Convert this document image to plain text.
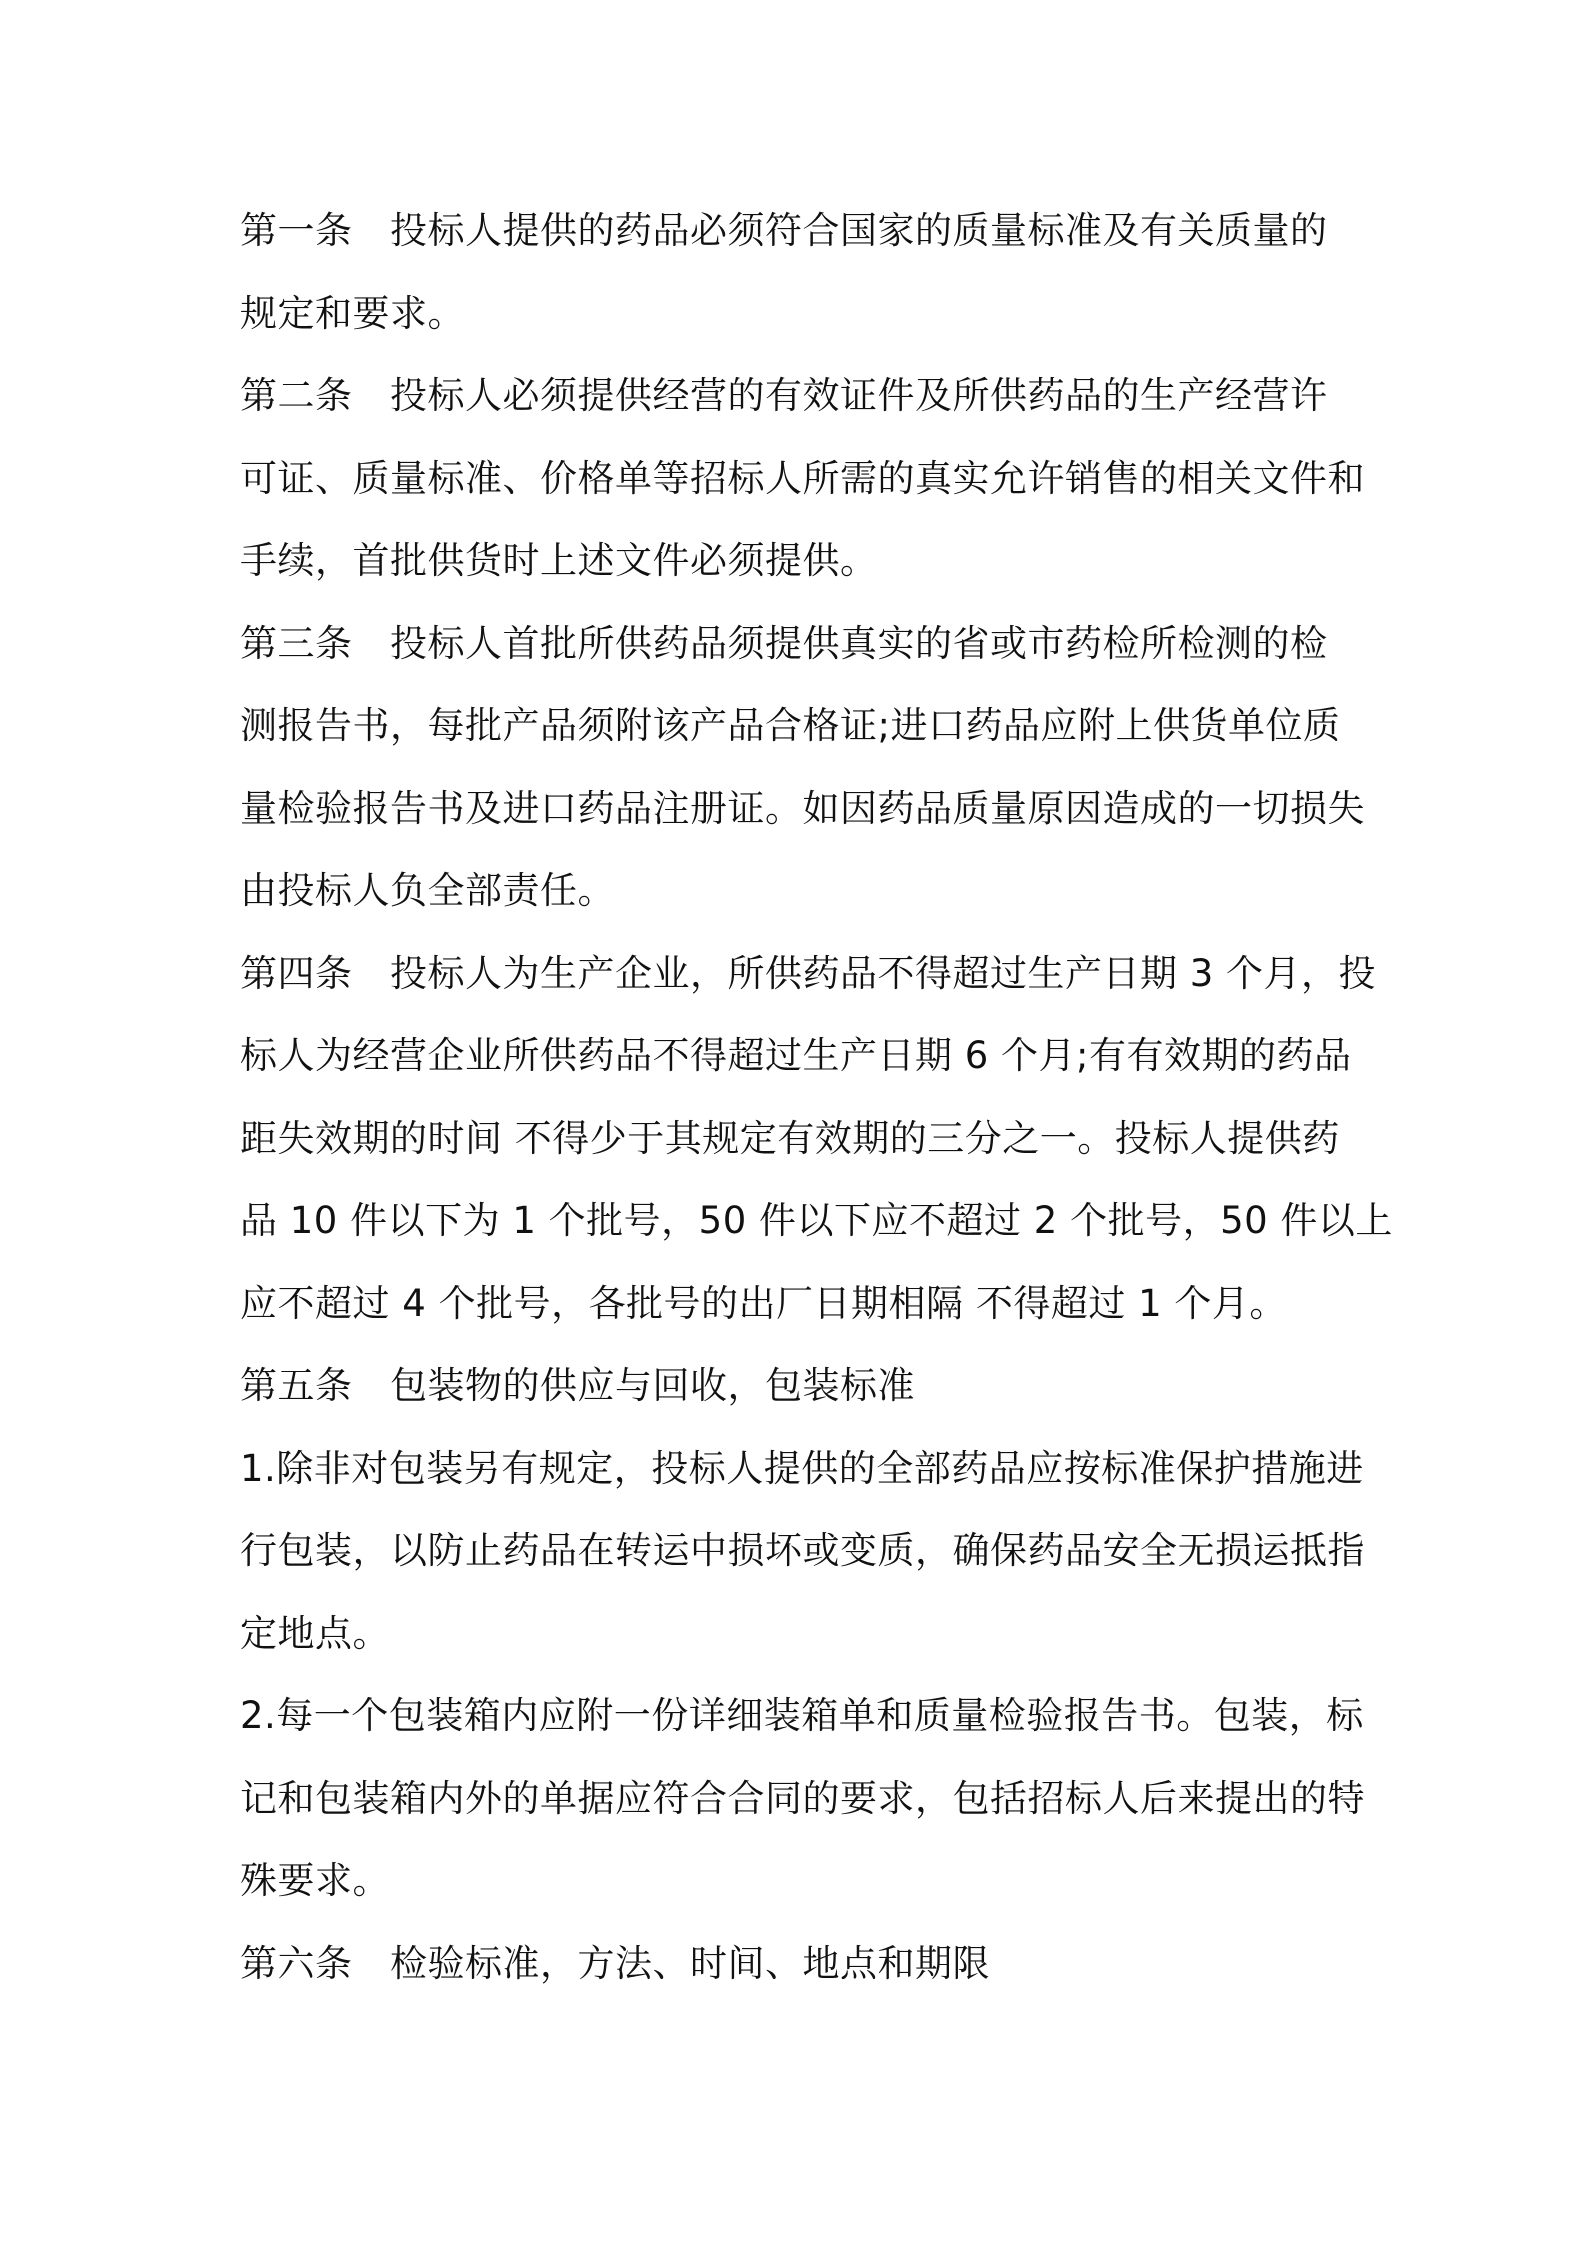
第一条　投标人提供的药品必须符合国家的质量标准及有关质量的
规定和要求。
第二条　投标人必须提供经营的有效证件及所供药品的生产经营许
可证、质量标准、价格单等招标人所需的真实允许销售的相关文件和
手续，首批供货时上述文件必须提供。
第三条　投标人首批所供药品须提供真实的省或市药检所检测的检
测报告书，每批产品须附该产品合格证;进口药品应附上供货单位质
量检验报告书及进口药品注册证。如因药品质量原因造成的一切损失
由投标人负全部责任。
第四条　投标人为生产企业，所供药品不得超过生产日期 3 个月，投
标人为经营企业所供药品不得超过生产日期 6 个月;有有效期的药品
距失效期的时间 不得少于其规定有效期的三分之一。投标人提供药
品 10 件以下为 1 个批号，50 件以下应不超过 2 个批号，50 件以上
应不超过 4 个批号，各批号的出厂日期相隔 不得超过 1 个月。
第五条　包装物的供应与回收，包装标准
1.除非对包装另有规定，投标人提供的全部药品应按标准保护措施进
行包装，以防止药品在转运中损坏或变质，确保药品安全无损运抵指
定地点。
2.每一个包装箱内应附一份详细装箱单和质量检验报告书。包装，标
记和包装箱内外的单据应符合合同的要求，包括招标人后来提出的特
殊要求。
第六条　检验标准，方法、时间、地点和期限
